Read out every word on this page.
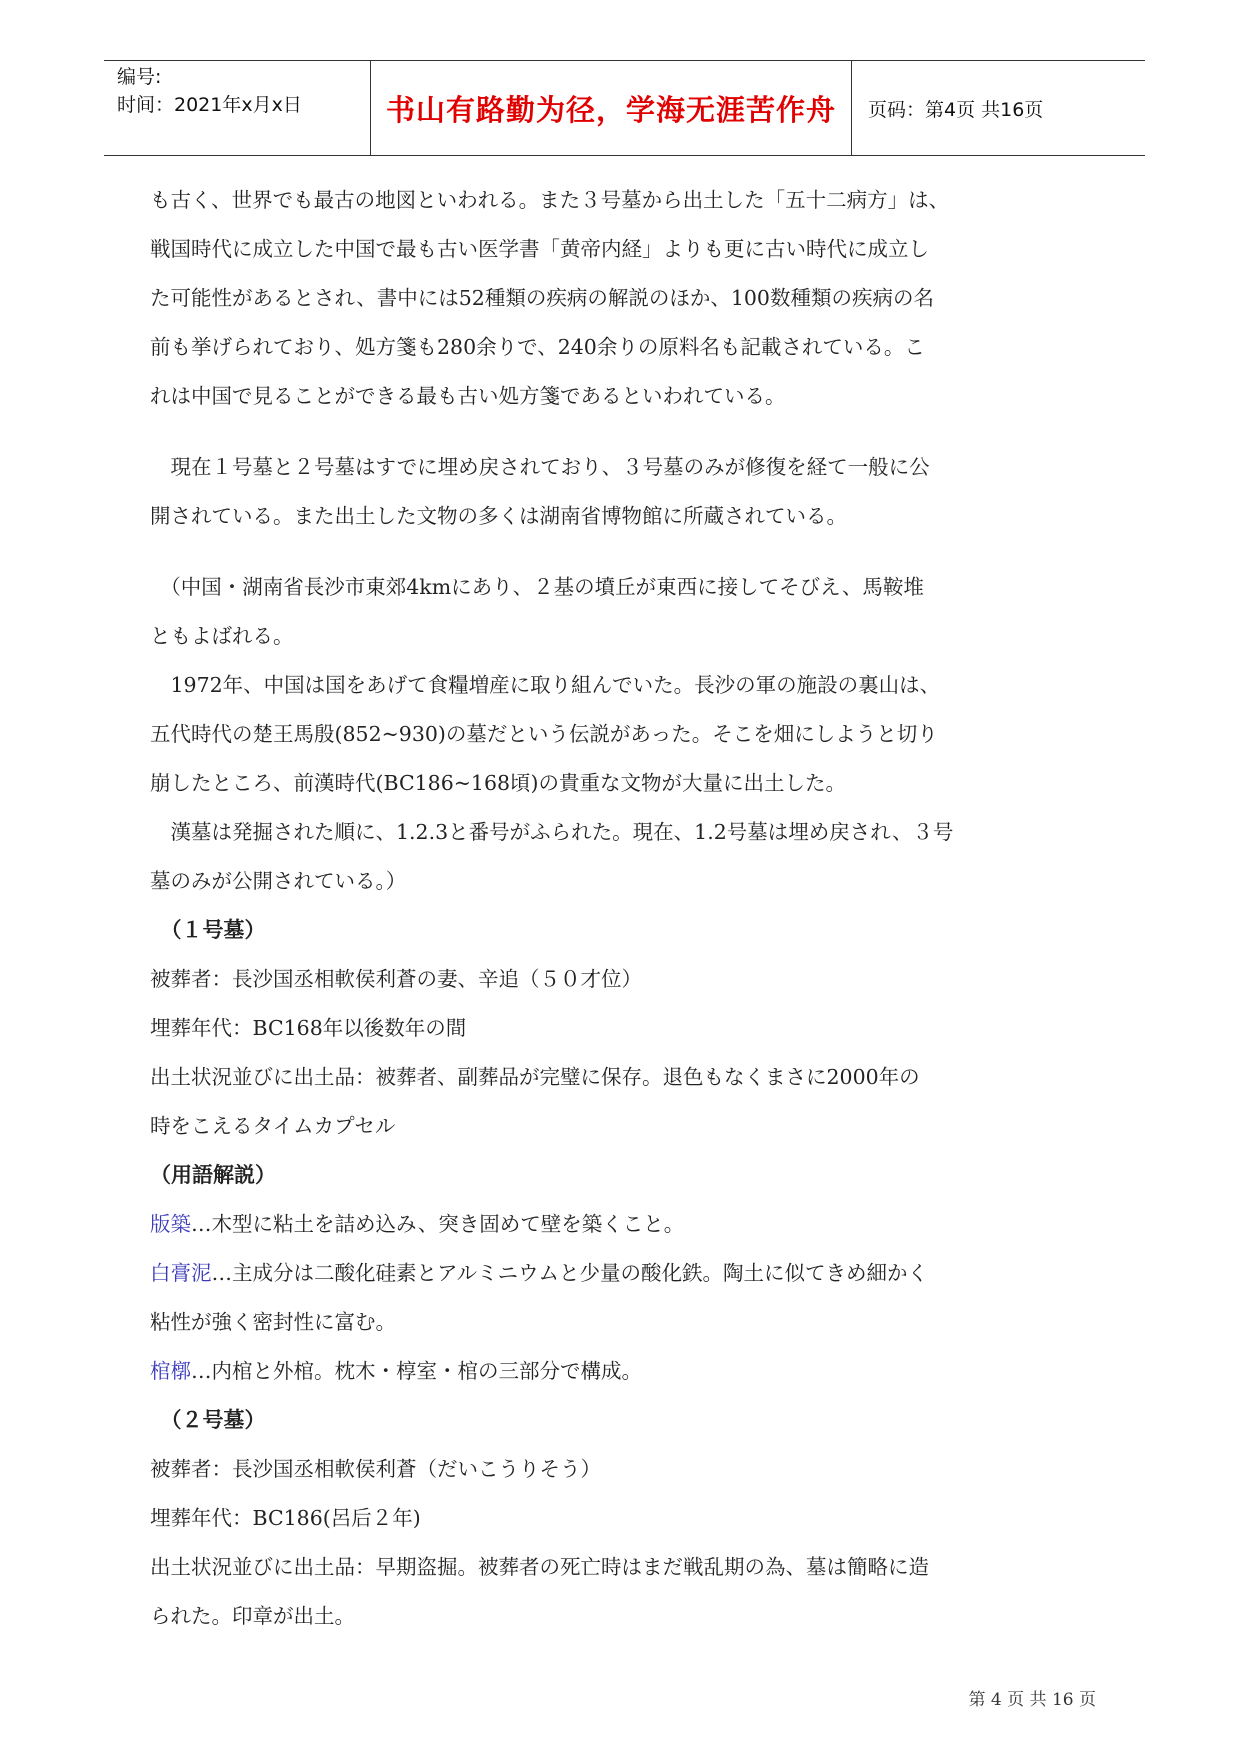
编号:
时间：2021年x月x日	书山有路勤为径，学海无涯苦作舟 页码：第4页 共16页

も古く、世界でも最古の地図といわれる。また３号墓から出土した「五十二病方」は、

戦国時代に成立した中国で最も古い医学書「黄帝内経」よりも更に古い時代に成立し

た可能性があるとされ、書中には52種類の疾病の解説のほか、100数種類の疾病の名

前も挙げられており、処方箋も280余りで、240余りの原料名も記載されている。こ

れは中国で見ることができる最も古い処方箋であるといわれている。

　現在１号墓と２号墓はすでに埋め戻されており、３号墓のみが修復を経て一般に公

開されている。また出土した文物の多くは湖南省博物館に所蔵されている。

　（中国・湖南省長沙市東郊4kmにあり、２基の墳丘が東西に接してそびえ、馬鞍堆

ともよばれる。

　1972年、中国は国をあげて食糧増産に取り組んでいた。長沙の軍の施設の裏山は、

五代時代の楚王馬殷(852~930)の墓だという伝説があった。そこを畑にしようと切り

崩したところ、前漢時代(BC186~168頃)の貴重な文物が大量に出土した。

　漢墓は発掘された順に、1.2.3と番号がふられた。現在、1.2号墓は埋め戻され、３号

墓のみが公開されている。）

　（１号墓）

被葬者：長沙国丞相軟侯利蒼の妻、辛追（５０才位）

埋葬年代：BC168年以後数年の間

出土状況並びに出土品：被葬者、副葬品が完璧に保存。退色もなくまさに2000年の

時をこえるタイムカプセル

（用語解説）

版築…木型に粘土を詰め込み、突き固めて壁を築くこと。

白膏泥…主成分は二酸化硅素とアルミニウムと少量の酸化鉄。陶土に似てきめ細かく

粘性が強く密封性に富む。

棺槨…内棺と外棺。枕木・椁室・棺の三部分で構成。

　（２号墓）

被葬者：長沙国丞相軟侯利蒼（だいこうりそう）

埋葬年代：BC186(呂后２年)

出土状況並びに出土品：早期盗掘。被葬者の死亡時はまだ戦乱期の為、墓は簡略に造

られた。印章が出土。

第 4 页 共 16 页
